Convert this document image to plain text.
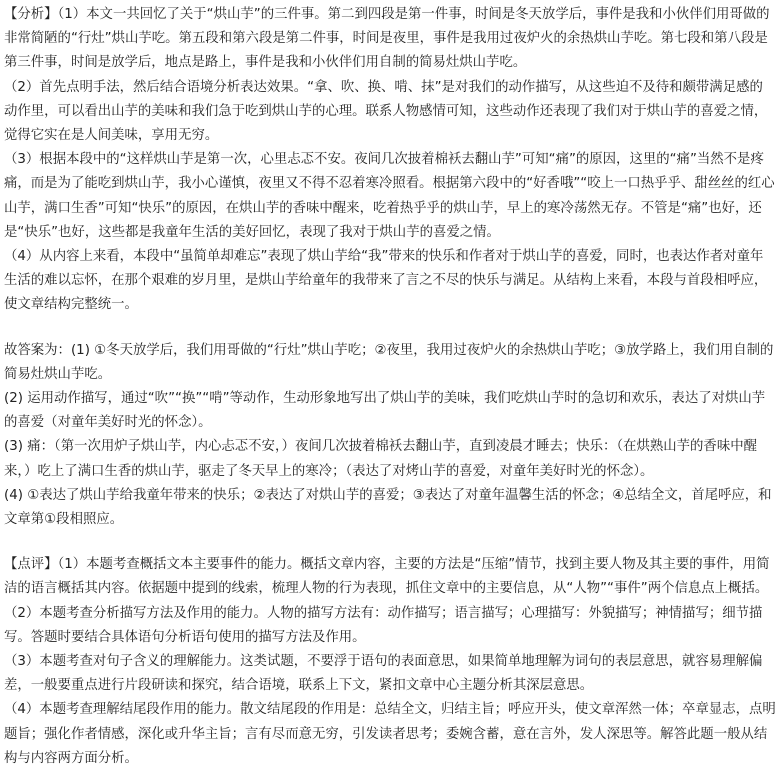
【分析】（1）本文一共回忆了关于“烘山芋”的三件事。第二到四段是第一件事，时间是冬天放学后，事件是我和小伙伴们用哥做的非常简陋的“行灶”烘山芋吃。第五段和第六段是第二件事，时间是夜里，事件是我用过夜炉火的余热烘山芋吃。第七段和第八段是第三件事，时间是放学后，地点是路上，事件是我和小伙伴们用自制的简易灶烘山芋吃。

（2）首先点明手法，然后结合语境分析表达效果。“拿、吹、换、啃、抹”是对我们的动作描写，从这些迫不及待和颇带满足感的动作里，可以看出山芋的美味和我们急于吃到烘山芋的心理。联系人物感情可知，这些动作还表现了我们对于烘山芋的喜爱之情，觉得它实在是人间美味，享用无穷。

（3）根据本段中的“这样烘山芋是第一次，心里忐忑不安。夜间几次披着棉袄去翻山芋”可知“痛”的原因，这里的“痛”当然不是疼痛，而是为了能吃到烘山芋，我小心谨慎，夜里又不得不忍着寒冷照看。根据第六段中的“好香哦”“咬上一口热乎乎、甜丝丝的红心山芋，满口生香”可知“快乐”的原因，在烘山芋的香味中醒来，吃着热乎乎的烘山芋，早上的寒冷荡然无存。不管是“痛”也好，还是“快乐”也好，这些都是我童年生活的美好回忆，表现了我对于烘山芋的喜爱之情。

（4）从内容上来看，本段中“虽简单却难忘”表现了烘山芋给“我”带来的快乐和作者对于烘山芋的喜爱，同时，也表达作者对童年生活的难以忘怀，在那个艰难的岁月里，是烘山芋给童年的我带来了言之不尽的快乐与满足。从结构上来看，本段与首段相呼应，使文章结构完整统一。

故答案为：(1) ①冬天放学后，我们用哥做的“行灶”烘山芋吃；②夜里，我用过夜炉火的余热烘山芋吃；③放学路上，我们用自制的简易灶烘山芋吃。

(2) 运用动作描写，通过“吹”“换”“啃”等动作，生动形象地写出了烘山芋的美味，我们吃烘山芋时的急切和欢乐，表达了对烘山芋的喜爱（对童年美好时光的怀念）。

(3) 痛：（第一次用炉子烘山芋，内心忐忑不安，）夜间几次披着棉袄去翻山芋，直到凌晨才睡去；快乐：（在烘熟山芋的香味中醒来，）吃上了满口生香的烘山芋，驱走了冬天早上的寒冷；（表达了对烤山芋的喜爱，对童年美好时光的怀念）。

(4) ①表达了烘山芋给我童年带来的快乐；②表达了对烘山芋的喜爱；③表达了对童年温馨生活的怀念；④总结全文，首尾呼应，和文章第①段相照应。

【点评】（1）本题考查概括文本主要事件的能力。概括文章内容，主要的方法是“压缩”情节，找到主要人物及其主要的事件，用简洁的语言概括其内容。依据题中提到的线索，梳理人物的行为表现，抓住文章中的主要信息，从“人物”“事件”两个信息点上概括。

（2）本题考查分析描写方法及作用的能力。人物的描写方法有：动作描写；语言描写；心理描写：外貌描写；神情描写；细节描写。答题时要结合具体语句分析语句使用的描写方法及作用。

（3）本题考查对句子含义的理解能力。这类试题，不要浮于语句的表面意思，如果简单地理解为词句的表层意思，就容易理解偏差，一般要重点进行片段研读和探究，结合语境，联系上下文，紧扣文章中心主题分析其深层意思。

（4）本题考查理解结尾段作用的能力。散文结尾段的作用是：总结全文，归结主旨；呼应开头，使文章浑然一体；卒章显志，点明题旨；强化作者情感，深化或升华主旨；言有尽而意无穷，引发读者思考；委婉含蓄，意在言外，发人深思等。解答此题一般从结构与内容两方面分析。
